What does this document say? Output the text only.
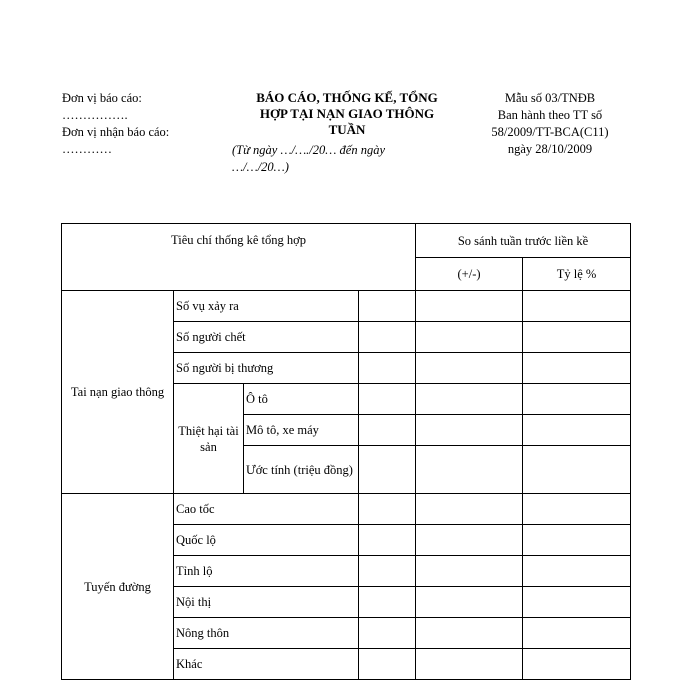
Đơn vị báo cáo:
…………….
Đơn vị nhận báo cáo:
…………
BÁO CÁO, THỐNG KẾ, TỔNG
HỢP TẠI NẠN GIAO THÔNG
TUẦN
(Từ ngày …/…./20… đến ngày
…/…/20…)
Mẫu số 03/TNĐB
Ban hành theo TT số
58/2009/TT-BCA(C11)
ngày 28/10/2009
Tiêu chí thống kê tổng hợp				So sánh tuần trước liền kề	
				(+/-)	Tỷ lệ %
Tai nạn giao thông	Số vụ xảy ra				
	Số người chết				
	Số người bị thương				
	Thiệt hại tài sản	Ô tô			
		Mô tô, xe máy			
		Ước tính (triệu đồng)			
Tuyến đường	Cao tốc				
	Quốc lộ				
	Tỉnh lộ				
	Nội thị				
	Nông thôn				
	Khác				
